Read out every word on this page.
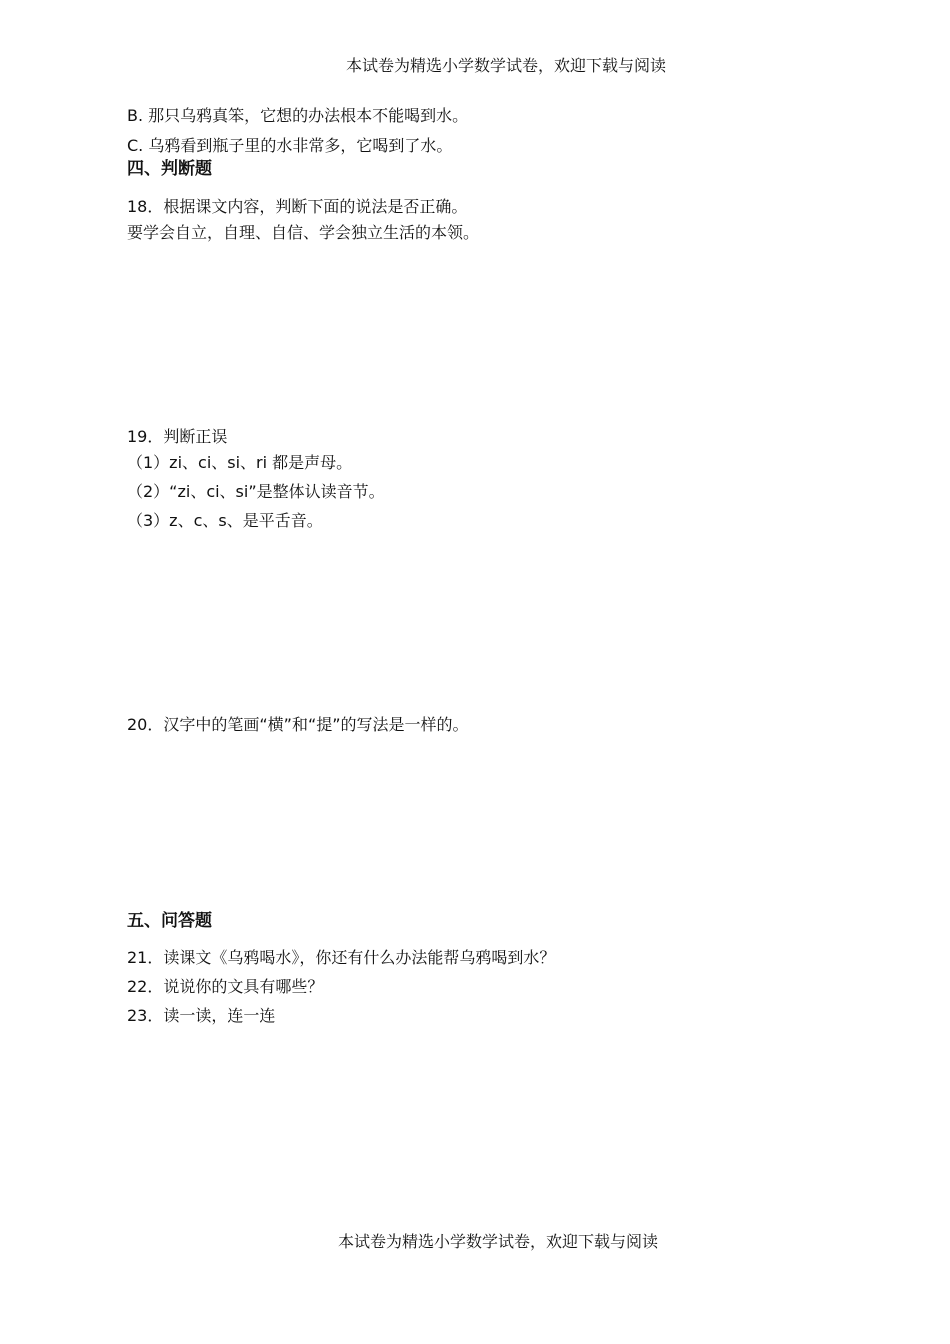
本试卷为精选小学数学试卷，欢迎下载与阅读
B. 那只乌鸦真笨，它想的办法根本不能喝到水。
C. 乌鸦看到瓶子里的水非常多，它喝到了水。
四、判断题
18．根据课文内容，判断下面的说法是否正确。
要学会自立，自理、自信、学会独立生活的本领。
19．判断正误
（1）zi、ci、si、ri 都是声母。
（2）“zi、ci、si”是整体认读音节。
（3）z、c、s、是平舌音。
20．汉字中的笔画“横”和“提”的写法是一样的。
五、问答题
21．读课文《乌鸦喝水》，你还有什么办法能帮乌鸦喝到水？
22．说说你的文具有哪些？
23．读一读，连一连
本试卷为精选小学数学试卷，欢迎下载与阅读
